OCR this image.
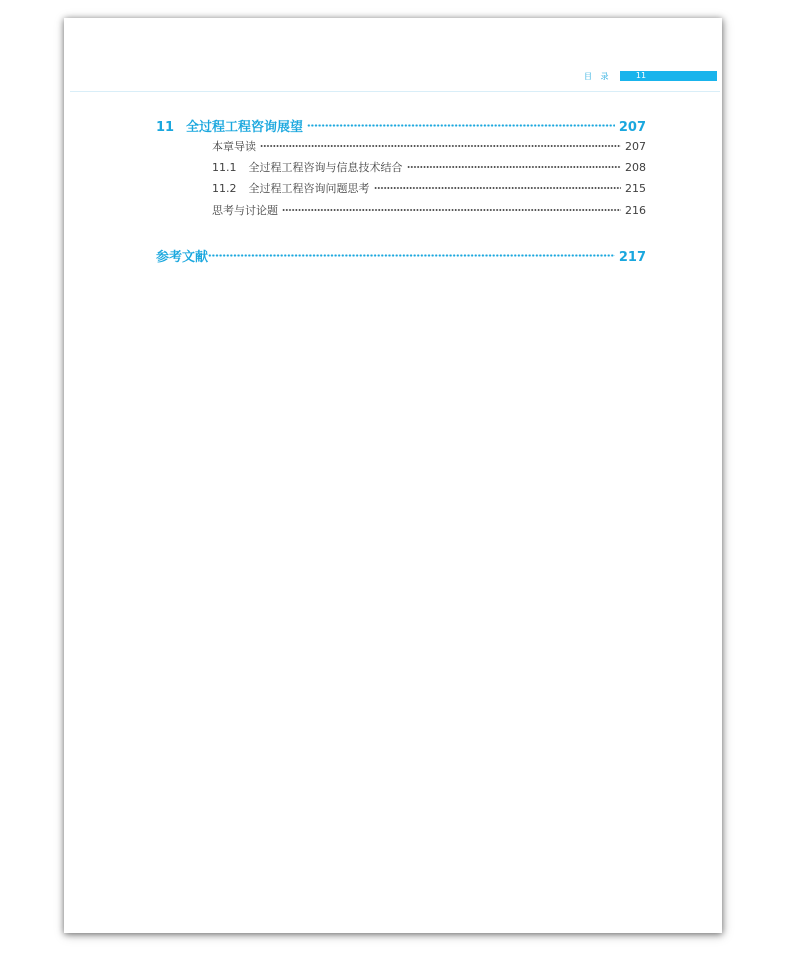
目 录	11
11 全过程工程咨询展望	207
本章导读	207
11.1 全过程工程咨询与信息技术结合	208
11.2 全过程工程咨询问题思考	215
思考与讨论题	216
参考文献	217
